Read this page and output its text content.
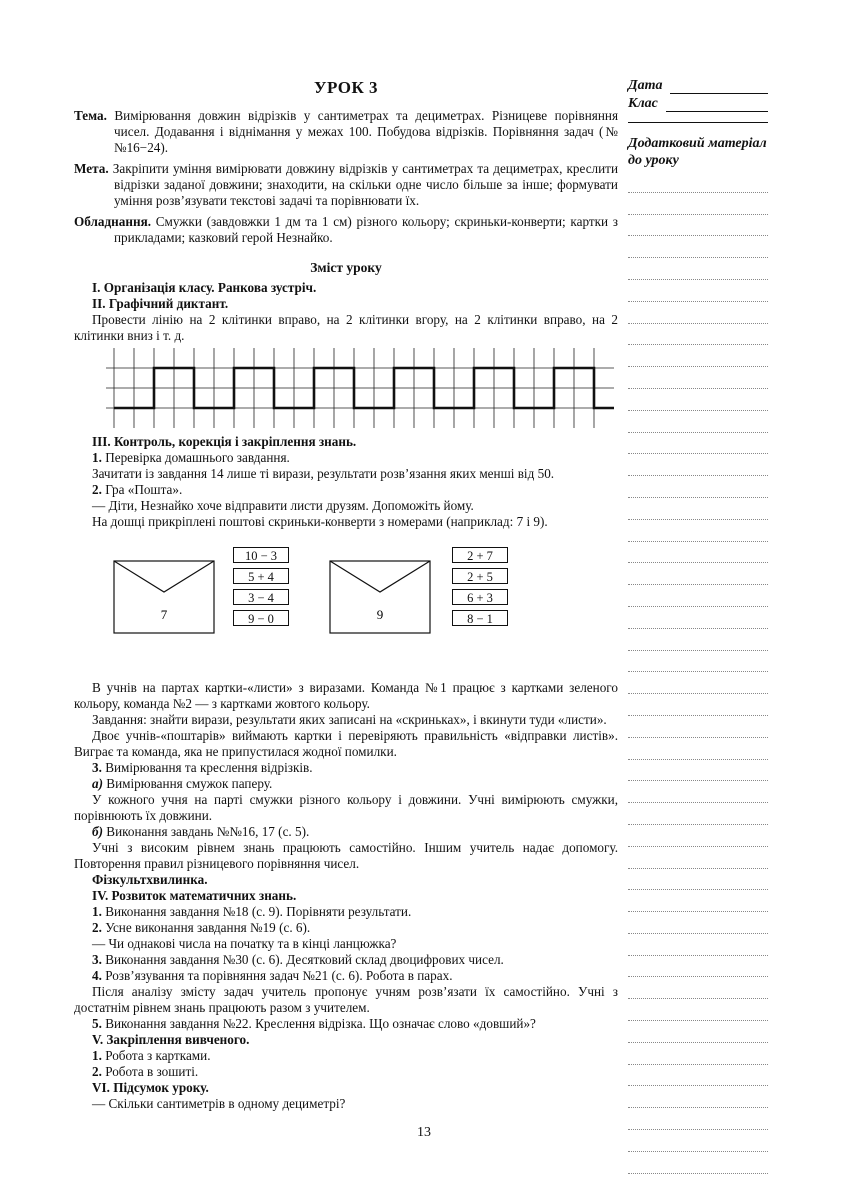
УРОК 3
Тема. Вимірювання довжин відрізків у сантиметрах та дециметрах. Різницеве порівняння чисел. Додавання і віднімання у межах 100. Побудова відрізків. Порівняння задач (№№16−24).
Мета. Закріпити уміння вимірювати довжину відрізків у сантиметрах та дециметрах, креслити відрізки заданої довжини; знаходити, на скільки одне число більше за інше; формувати уміння розв’язувати текстові задачі та порівнювати їх.
Обладнання. Смужки (завдовжки 1 дм та 1 см) різного кольору; скриньки-конверти; картки з прикладами; казковий герой Незнайко.
Зміст уроку
I. Організація класу. Ранкова зустріч.
II. Графічний диктант.
Провести лінію на 2 клітинки вправо, на 2 клітинки вгору, на 2 клітинки вправо, на 2 клітинки вниз і т. д.
III. Контроль, корекція і закріплення знань.
1. Перевірка домашнього завдання.
Зачитати із завдання 14 лише ті вирази, результати розв’язання яких менші від 50.
2. Гра «Пошта».
— Діти, Незнайко хоче відправити листи друзям. Допоможіть йому.
На дошці прикріплені поштові скриньки-конверти з номерами (наприклад: 7 і 9).
7	9
10 − 3
5 + 4
3 − 4
9 − 0
2 + 7
2 + 5
6 + 3
8 − 1
В учнів на партах картки-«листи» з виразами. Команда №1 працює з картками зеленого кольору, команда №2 — з картками жовтого кольору.
Завдання: знайти вирази, результати яких записані на «скриньках», і вкинути туди «листи».
Двоє учнів-«поштарів» виймають картки і перевіряють правильність «відправки листів». Виграє та команда, яка не припустилася жодної помилки.
3. Вимірювання та креслення відрізків.
а) Вимірювання смужок паперу.
У кожного учня на парті смужки різного кольору і довжини. Учні вимірюють смужки, порівнюють їх довжини.
б) Виконання завдань №№16, 17 (с. 5).
Учні з високим рівнем знань працюють самостійно. Іншим учитель надає допомогу. Повторення правил різницевого порівняння чисел.
Фізкультхвилинка.
IV. Розвиток математичних знань.
1. Виконання завдання №18 (с. 9). Порівняти результати.
2. Усне виконання завдання №19 (с. 6).
— Чи однакові числа на початку та в кінці ланцюжка?
3. Виконання завдання №30 (с. 6). Десятковий склад двоцифрових чисел.
4. Розв’язування та порівняння задач №21 (с. 6). Робота в парах.
Після аналізу змісту задач учитель пропонує учням розв’язати їх самостійно. Учні з достатнім рівнем знань працюють разом з учителем.
5. Виконання завдання №22. Креслення відрізка. Що означає слово «довший»?
V. Закріплення вивченого.
1. Робота з картками.
2. Робота в зошиті.
VI. Підсумок уроку.
— Скільки сантиметрів в одному дециметрі?
Дата
Клас
Додатковий матеріал до уроку
13
